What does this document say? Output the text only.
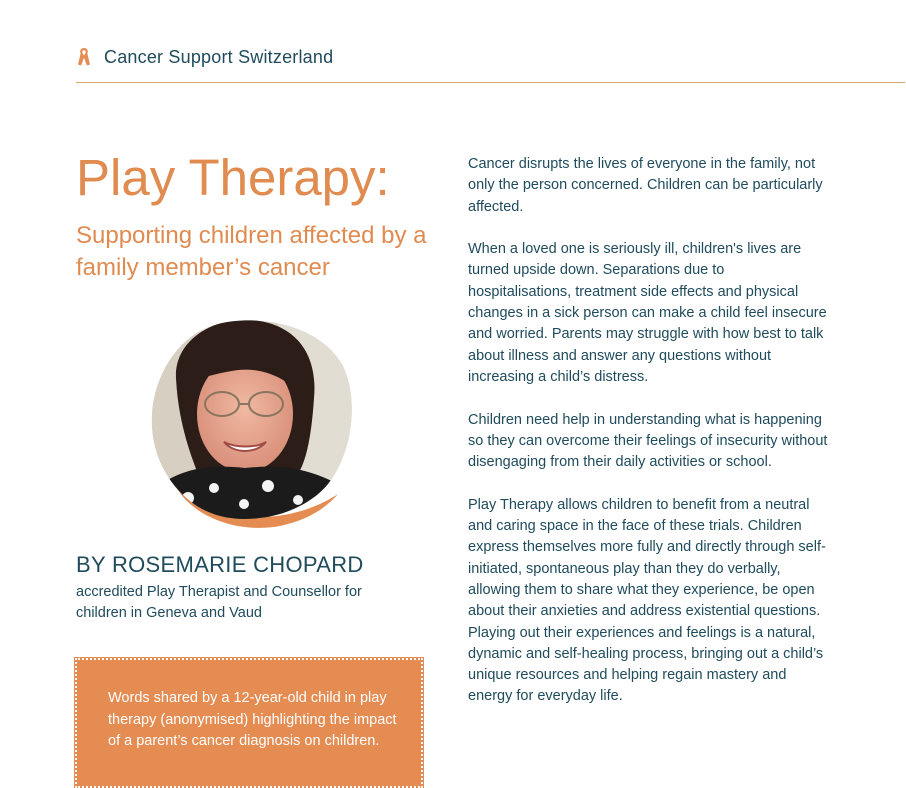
Cancer Support Switzerland
Play Therapy:
Supporting children affected by a family member’s cancer
BY ROSEMARIE CHOPARD

accredited Play Therapist and Counsellor for children in Geneva and Vaud

Words shared by a 12-year-old child in play therapy (anonymised) highlighting the impact of a parent’s cancer diagnosis on children.

Cancer disrupts the lives of everyone in the family, not only the person concerned. Children can be particularly affected.

When a loved one is seriously ill, children's lives are turned upside down. Separations due to hospitalisations, treatment side effects and physical changes in a sick person can make a child feel insecure and worried. Parents may struggle with how best to talk about illness and answer any questions without increasing a child’s distress.

Children need help in understanding what is happening so they can overcome their feelings of insecurity without disengaging from their daily activities or school.

Play Therapy allows children to benefit from a neutral and caring space in the face of these trials. Children express themselves more fully and directly through self-initiated, spontaneous play than they do verbally, allowing them to share what they experience, be open about their anxieties and address existential questions. Playing out their experiences and feelings is a natural, dynamic and self-healing process, bringing out a child’s unique resources and helping regain mastery and energy for everyday life.
